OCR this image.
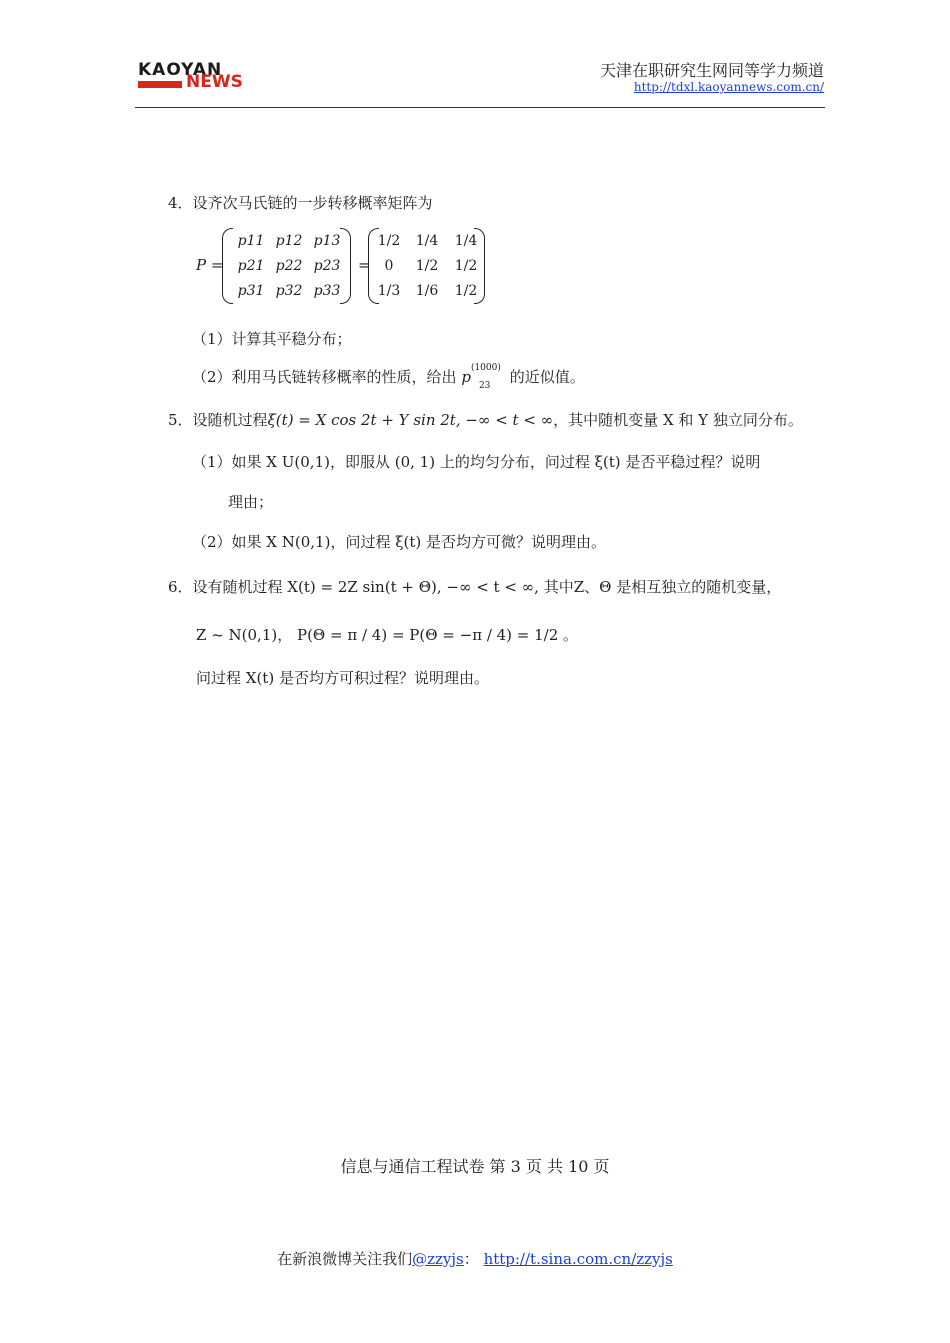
KAOYAN
NEWS
天津在职研究生网同等学力频道
http://tdxl.kaoyannews.com.cn/
4．设齐次马氏链的一步转移概率矩阵为
P =
p11 p12 p13
p21 p22 p23
p31 p32 p33
=
1/2	1/4	1/4
0	1/2	1/2
1/3	1/6	1/2
（1）计算其平稳分布；
（2）利用马氏链转移概率的性质，给出 p (1000)
23 的近似值。
5．设随机过程ξ(t) = X cos 2t + Y sin 2t, −∞ < t < ∞，其中随机变量 X 和 Y 独立同分布。
（1）如果 X U(0,1)，即服从 (0, 1) 上的均匀分布，问过程 ξ(t) 是否平稳过程？说明
理由；
（2）如果 X N(0,1)，问过程 ξ(t) 是否均方可微？说明理由。
6．设有随机过程 X(t) = 2Z sin(t + Θ), −∞ < t < ∞, 其中Z、Θ 是相互独立的随机变量，
Z ~ N(0,1)， P(Θ = π / 4) = P(Θ = −π / 4) = 1/2 。
问过程 X(t) 是否均方可积过程？说明理由。
信息与通信工程试卷 第 3 页 共 10 页
在新浪微博关注我们@zzyjs： http://t.sina.com.cn/zzyjs
